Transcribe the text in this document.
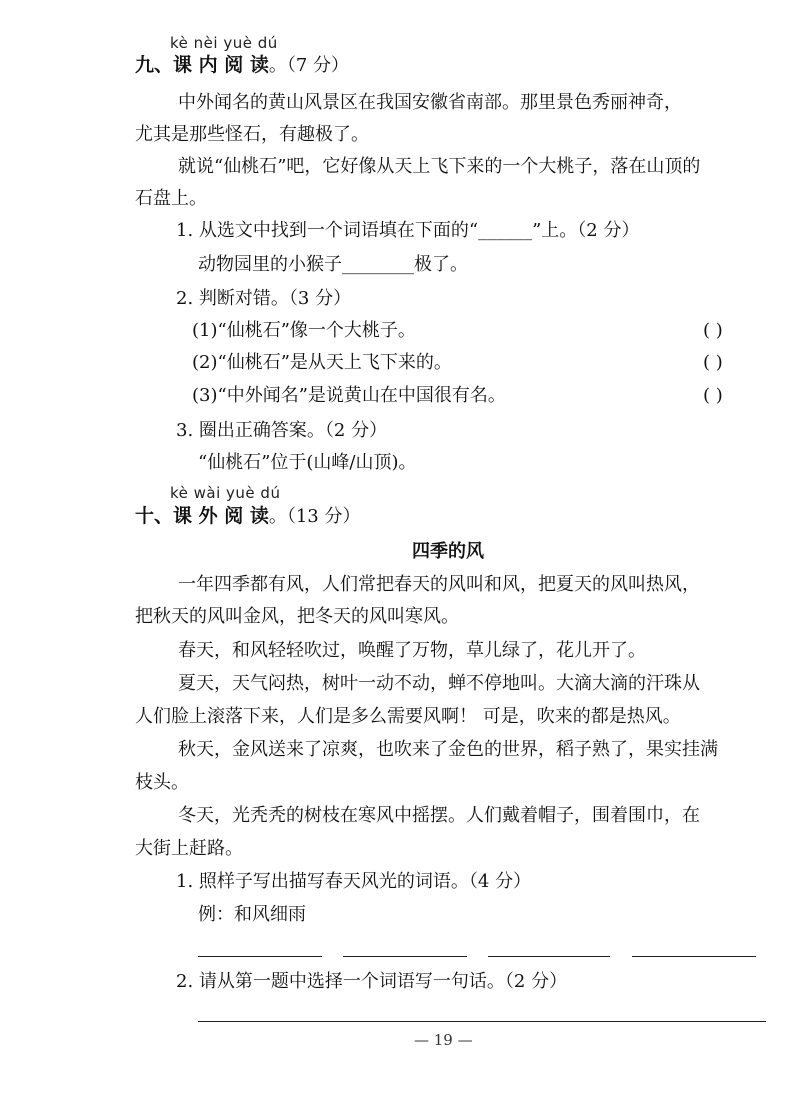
kè nèi yuè dú
九、课 内 阅 读。（7 分）
中外闻名的黄山风景区在我国安徽省南部。那里景色秀丽神奇，
尤其是那些怪石，有趣极了。
就说“仙桃石”吧，它好像从天上飞下来的一个大桃子，落在山顶的
石盘上。
1. 从选文中找到一个词语填在下面的“______”上。（2 分）
动物园里的小猴子________极了。
2. 判断对错。（3 分）
(1)“仙桃石”像一个大桃子。	( )
(2)“仙桃石”是从天上飞下来的。	( )
(3)“中外闻名”是说黄山在中国很有名。	( )
3. 圈出正确答案。（2 分）
“仙桃石”位于(山峰/山顶)。
kè wài yuè dú
十、课 外 阅 读。（13 分）
四季的风
一年四季都有风，人们常把春天的风叫和风，把夏天的风叫热风，
把秋天的风叫金风，把冬天的风叫寒风。
春天，和风轻轻吹过，唤醒了万物，草儿绿了，花儿开了。
夏天，天气闷热，树叶一动不动，蝉不停地叫。大滴大滴的汗珠从
人们脸上滚落下来，人们是多么需要风啊！ 可是，吹来的都是热风。
秋天，金风送来了凉爽，也吹来了金色的世界，稻子熟了，果实挂满
枝头。
冬天，光秃秃的树枝在寒风中摇摆。人们戴着帽子，围着围巾，在
大街上赶路。
1. 照样子写出描写春天风光的词语。（4 分）
例：和风细雨
2. 请从第一题中选择一个词语写一句话。（2 分）
— 19 —
